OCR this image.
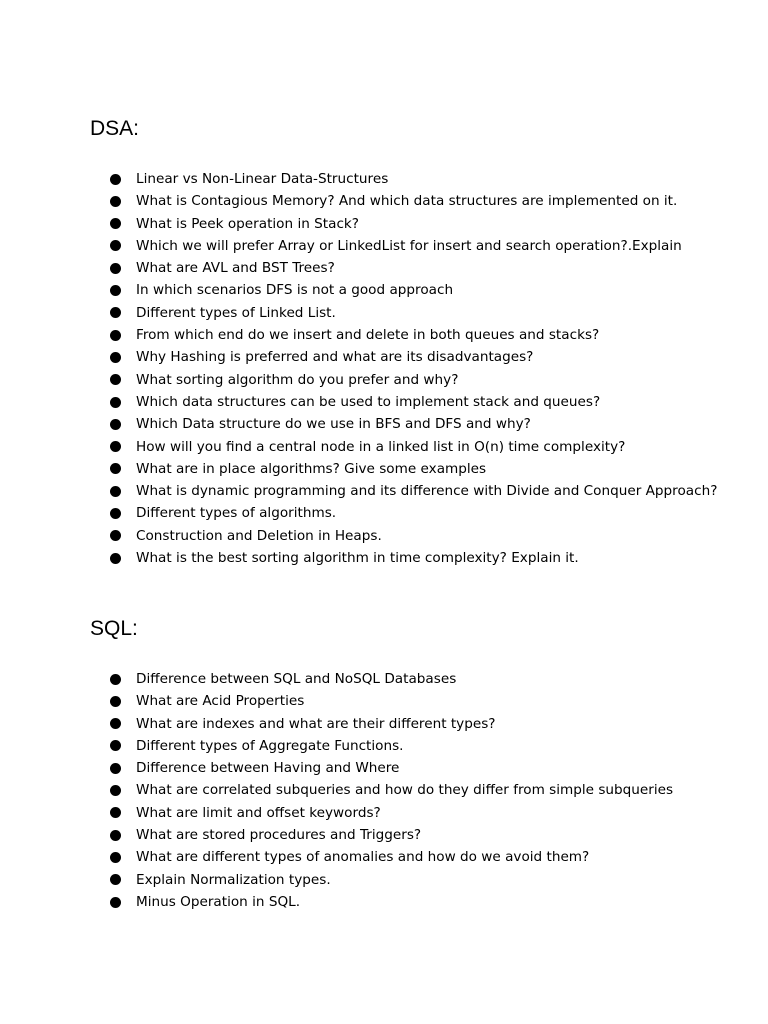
DSA:
Linear vs Non-Linear Data-Structures
What is Contagious Memory? And which data structures are implemented on it.
What is Peek operation in Stack?
Which we will prefer Array or LinkedList for insert and search operation?.Explain
What are AVL and BST Trees?
In which scenarios DFS is not a good approach
Different types of Linked List.
From which end do we insert and delete in both queues and stacks?
Why Hashing is preferred and what are its disadvantages?
What sorting algorithm do you prefer and why?
Which data structures can be used to implement stack and queues?
Which Data structure do we use in BFS and DFS and why?
How will you find a central node in a linked list in O(n) time complexity?
What are in place algorithms? Give some examples
What is dynamic programming and its difference with Divide and Conquer Approach?
Different types of algorithms.
Construction and Deletion in Heaps.
What is the best sorting algorithm in time complexity? Explain it.
SQL:
Difference between SQL and NoSQL Databases
What are Acid Properties
What are indexes and what are their different types?
Different types of Aggregate Functions.
Difference between Having and Where
What are correlated subqueries and how do they differ from simple subqueries
What are limit and offset keywords?
What are stored procedures and Triggers?
What are different types of anomalies and how do we avoid them?
Explain Normalization types.
Minus Operation in SQL.
